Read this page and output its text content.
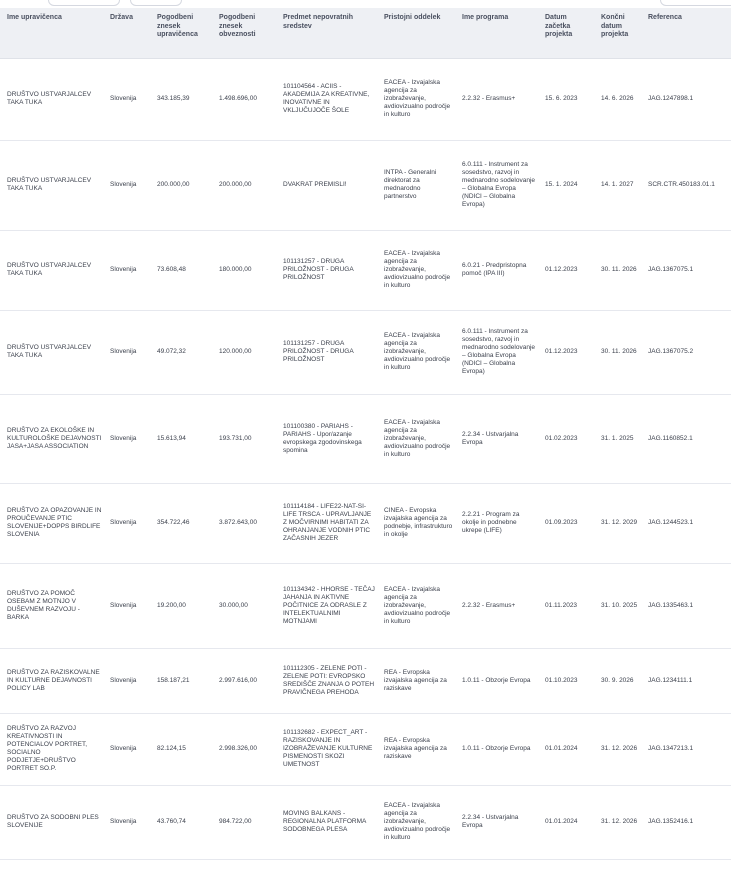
Ime upravičenca	Država	Pogodbeni znesek upravičenca	Pogodbeni znesek obveznosti	Predmet nepovratnih sredstev	Pristojni oddelek	Ime programa	Datum začetka projekta	Končni datum projekta	Referenca
DRUŠTVO USTVARJALCEV TAKA TUKA	Slovenija	343.185,39	1.498.696,00	101104564 - ACIIS - AKADEMIJA ZA KREATIVNE, INOVATIVNE IN VKLJUČUJOČE ŠOLE	EACEA - Izvajalska agencija za izobraževanje, avdiovizualno področje in kulturo	2.2.32 - Erasmus+	15. 6. 2023	14. 6. 2026	JAG.1247898.1
DRUŠTVO USTVARJALCEV TAKA TUKA	Slovenija	200.000,00	200.000,00	DVAKRAT PREMISLI!	INTPA - Generalni direktorat za mednarodno partnerstvo	6.0.111 - Instrument za sosedstvo, razvoj in mednarodno sodelovanje – Globalna Evropa (NDICI – Globalna Evropa)	15. 1. 2024	14. 1. 2027	SCR.CTR.450183.01.1
DRUŠTVO USTVARJALCEV TAKA TUKA	Slovenija	73.608,48	180.000,00	101131257 - DRUGA PRILOŽNOST - DRUGA PRILOŽNOST	EACEA - Izvajalska agencija za izobraževanje, avdiovizualno področje in kulturo	6.0.21 - Predpristopna pomoč (IPA III)	01.12.2023	30. 11. 2026	JAG.1367075.1
DRUŠTVO USTVARJALCEV TAKA TUKA	Slovenija	49.072,32	120.000,00	101131257 - DRUGA PRILOŽNOST - DRUGA PRILOŽNOST	EACEA - Izvajalska agencija za izobraževanje, avdiovizualno področje in kulturo	6.0.111 - Instrument za sosedstvo, razvoj in mednarodno sodelovanje – Globalna Evropa (NDICI – Globalna Evropa)	01.12.2023	30. 11. 2026	JAG.1367075.2
DRUŠTVO ZA EKOLOŠKE IN KULTUROLOŠKE DEJAVNOSTI JASA+JASA ASSOCIATION	Slovenija	15.613,94	193.731,00	101100380 - PARIAHS - PARIAHS - Upor/azanje evropskega zgodovinskega spomina	EACEA - Izvajalska agencija za izobraževanje, avdiovizualno področje in kulturo	2.2.34 - Ustvarjalna Evropa	01.02.2023	31. 1. 2025	JAG.1160852.1
DRUŠTVO ZA OPAZOVANJE IN PROUČEVANJE PTIC SLOVENIJE+DOPPS BIRDLIFE SLOVENIA	Slovenija	354.722,46	3.872.643,00	101114184 - LIFE22-NAT-SI-LIFE TRSCA - UPRAVLJANJE Z MOČVIRNIMI HABITATI ZA OHRANJANJE VODNIH PTIC ZAČASNIH JEZER	CINEA - Evropska izvajalska agencija za podnebje, infrastrukturo in okolje	2.2.21 - Program za okolje in podnebne ukrepe (LIFE)	01.09.2023	31. 12. 2029	JAG.1244523.1
DRUŠTVO ZA POMOČ OSEBAM Z MOTNJO V DUŠEVNEM RAZVOJU - BARKA	Slovenija	19.200,00	30.000,00	101134342 - HHORSE - TEČAJ JAHANJA IN AKTIVNE POČITNICE ZA ODRASLE Z INTELEKTUALNIMI MOTNJAMI	EACEA - Izvajalska agencija za izobraževanje, avdiovizualno področje in kulturo	2.2.32 - Erasmus+	01.11.2023	31. 10. 2025	JAG.1335463.1
DRUŠTVO ZA RAZISKOVALNE IN KULTURNE DEJAVNOSTI POLICY LAB	Slovenija	158.187,21	2.997.616,00	101112305 - ZELENE POTI - ZELENE POTI: EVROPSKO SREDIŠČE ZNANJA O POTEH PRAVIČNEGA PREHODA	REA - Evropska izvajalska agencija za raziskave	1.0.11 - Obzorje Evropa	01.10.2023	30. 9. 2026	JAG.1234111.1
DRUŠTVO ZA RAZVOJ KREATIVNOSTI IN POTENCIALOV PORTRET, SOCIALNO PODJETJE+DRUŠTVO PORTRET SO.P.	Slovenija	82.124,15	2.998.326,00	101132682 - EXPECT_ART - RAZISKOVANJE IN IZOBRAŽEVANJE KULTURNE PISMENOSTI SKOZI UMETNOST	REA - Evropska izvajalska agencija za raziskave	1.0.11 - Obzorje Evropa	01.01.2024	31. 12. 2026	JAG.1347213.1
DRUŠTVO ZA SODOBNI PLES SLOVENIJE	Slovenija	43.760,74	984.722,00	MOVING BALKANS - REGIONALNA PLATFORMA SODOBNEGA PLESA	EACEA - Izvajalska agencija za izobraževanje, avdiovizualno področje in kulturo	2.2.34 - Ustvarjalna Evropa	01.01.2024	31. 12. 2026	JAG.1352416.1
